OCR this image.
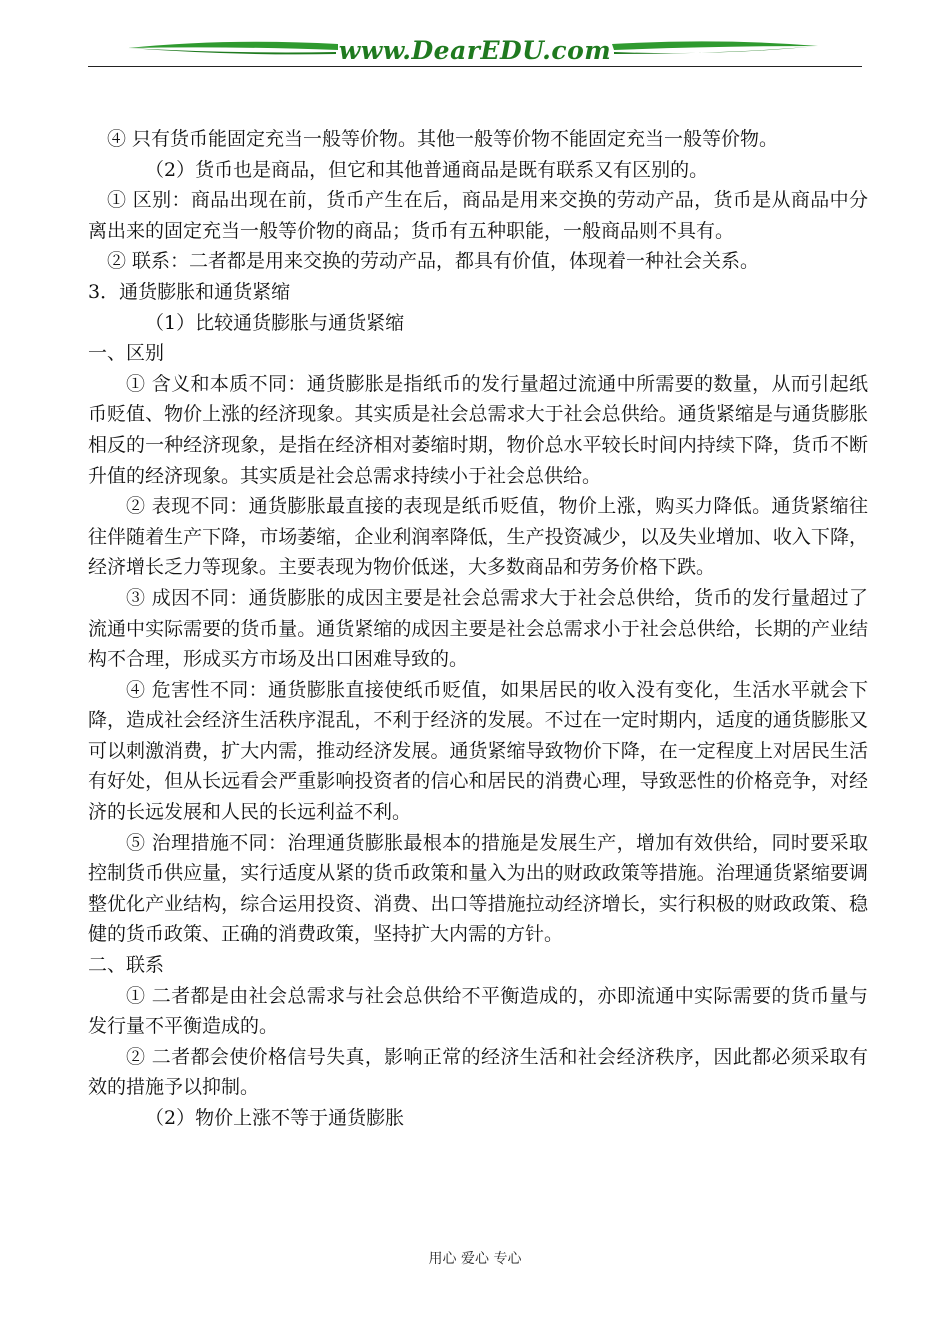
www.DearEDU.com

④ 只有货币能固定充当一般等价物。其他一般等价物不能固定充当一般等价物。

（2）货币也是商品，但它和其他普通商品是既有联系又有区别的。

① 区别：商品出现在前，货币产生在后，商品是用来交换的劳动产品，货币是从商品中分离出来的固定充当一般等价物的商品；货币有五种职能，一般商品则不具有。

② 联系：二者都是用来交换的劳动产品，都具有价值，体现着一种社会关系。

3．通货膨胀和通货紧缩

（1）比较通货膨胀与通货紧缩

一、区别

① 含义和本质不同：通货膨胀是指纸币的发行量超过流通中所需要的数量，从而引起纸币贬值、物价上涨的经济现象。其实质是社会总需求大于社会总供给。通货紧缩是与通货膨胀相反的一种经济现象，是指在经济相对萎缩时期，物价总水平较长时间内持续下降，货币不断升值的经济现象。其实质是社会总需求持续小于社会总供给。

② 表现不同：通货膨胀最直接的表现是纸币贬值，物价上涨，购买力降低。通货紧缩往往伴随着生产下降，市场萎缩，企业利润率降低，生产投资减少，以及失业增加、收入下降，经济增长乏力等现象。主要表现为物价低迷，大多数商品和劳务价格下跌。

③ 成因不同：通货膨胀的成因主要是社会总需求大于社会总供给，货币的发行量超过了流通中实际需要的货币量。通货紧缩的成因主要是社会总需求小于社会总供给，长期的产业结构不合理，形成买方市场及出口困难导致的。

④ 危害性不同：通货膨胀直接使纸币贬值，如果居民的收入没有变化，生活水平就会下降，造成社会经济生活秩序混乱，不利于经济的发展。不过在一定时期内，适度的通货膨胀又可以刺激消费，扩大内需，推动经济发展。通货紧缩导致物价下降，在一定程度上对居民生活有好处，但从长远看会严重影响投资者的信心和居民的消费心理，导致恶性的价格竞争，对经济的长远发展和人民的长远利益不利。

⑤ 治理措施不同：治理通货膨胀最根本的措施是发展生产，增加有效供给，同时要采取控制货币供应量，实行适度从紧的货币政策和量入为出的财政政策等措施。治理通货紧缩要调整优化产业结构，综合运用投资、消费、出口等措施拉动经济增长，实行积极的财政政策、稳健的货币政策、正确的消费政策，坚持扩大内需的方针。

二、联系

① 二者都是由社会总需求与社会总供给不平衡造成的，亦即流通中实际需要的货币量与发行量不平衡造成的。

② 二者都会使价格信号失真，影响正常的经济生活和社会经济秩序，因此都必须采取有效的措施予以抑制。

（2）物价上涨不等于通货膨胀

用心 爱心 专心
